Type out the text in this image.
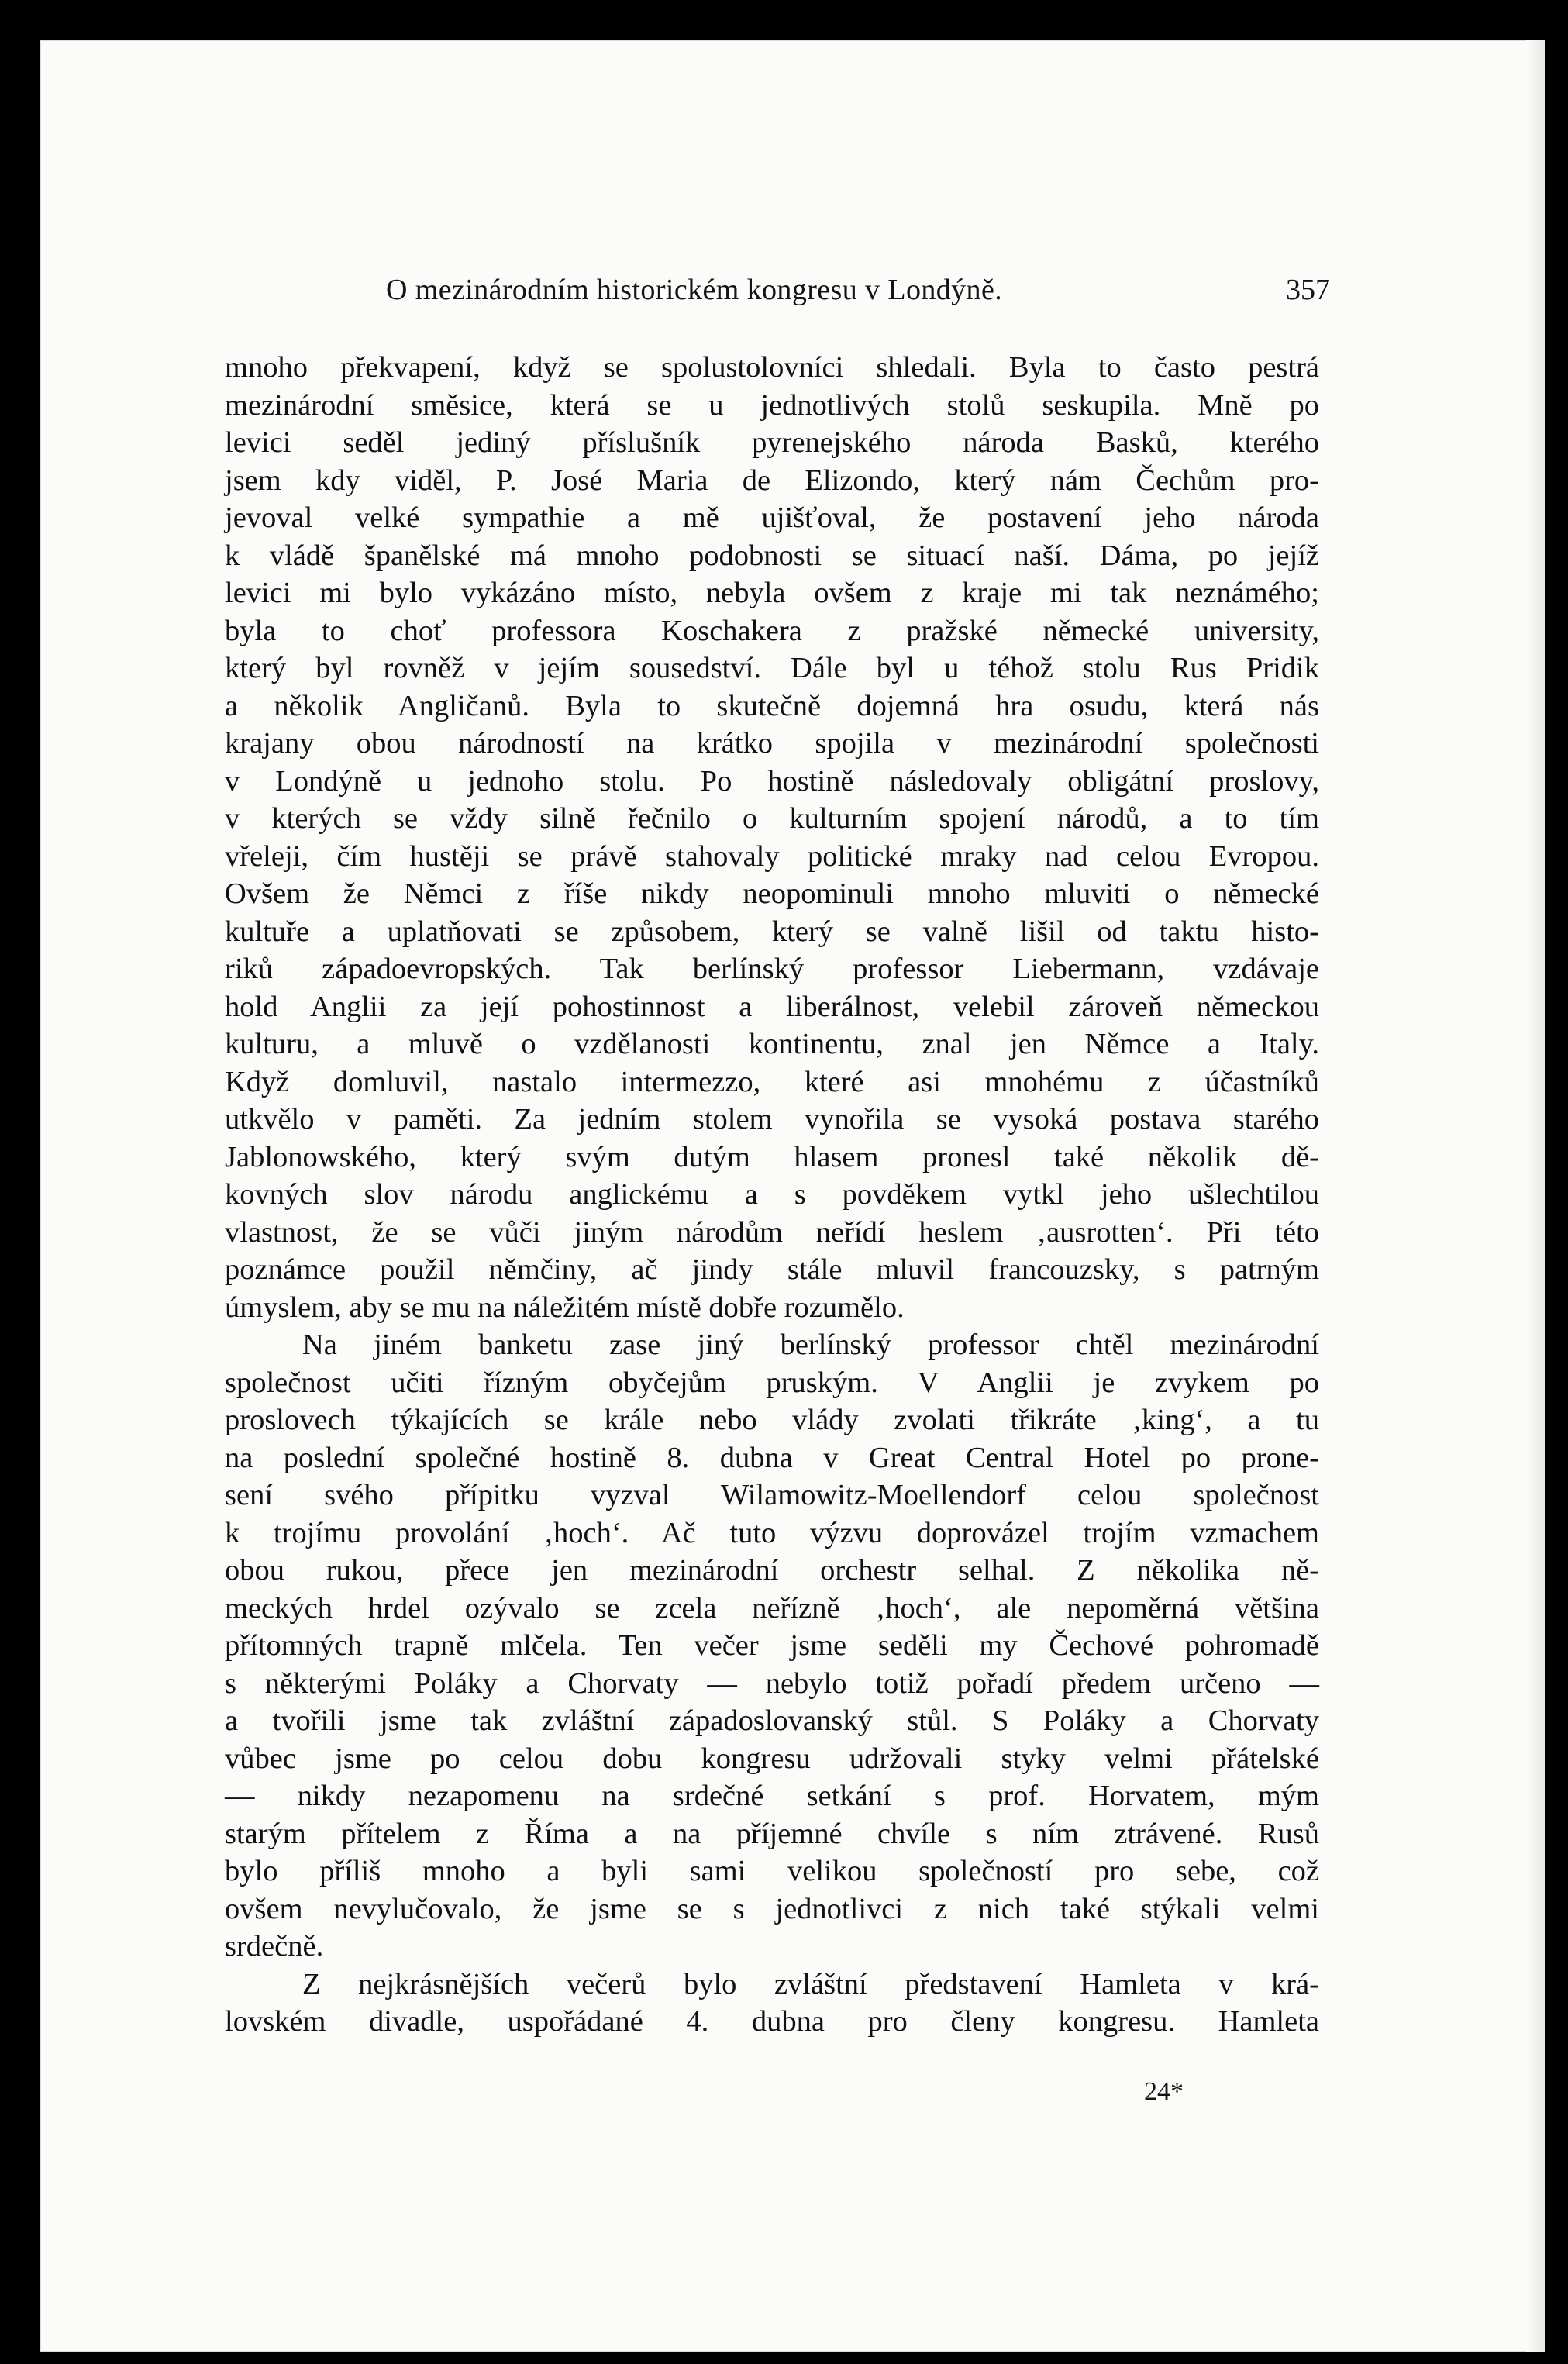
O mezinárodním historickém kongresu v Londýně.	357
mnoho překvapení, když se spolustolovníci shledali. Byla to často pestrá
mezinárodní směsice, která se u jednotlivých stolů seskupila. Mně po
levici seděl jediný příslušník pyrenejského národa Basků, kterého
jsem kdy viděl, P. José Maria de Elizondo, který nám Čechům pro-
jevoval velké sympathie a mě ujišťoval, že postavení jeho národa
k vládě španělské má mnoho podobnosti se situací naší. Dáma, po jejíž
levici mi bylo vykázáno místo, nebyla ovšem z kraje mi tak neznámého;
byla to choť professora Koschakera z pražské německé university,
který byl rovněž v jejím sousedství. Dále byl u téhož stolu Rus Pridik
a několik Angličanů. Byla to skutečně dojemná hra osudu, která nás
krajany obou národností na krátko spojila v mezinárodní společnosti
v Londýně u jednoho stolu. Po hostině následovaly obligátní proslovy,
v kterých se vždy silně řečnilo o kulturním spojení národů, a to tím
vřeleji, čím hustěji se právě stahovaly politické mraky nad celou Evropou.
Ovšem že Němci z říše nikdy neopominuli mnoho mluviti o německé
kultuře a uplatňovati se způsobem, který se valně lišil od taktu histo-
riků západoevropských. Tak berlínský professor Liebermann, vzdávaje
hold Anglii za její pohostinnost a liberálnost, velebil zároveň německou
kulturu, a mluvě o vzdělanosti kontinentu, znal jen Němce a Italy.
Když domluvil, nastalo intermezzo, které asi mnohému z účastníků
utkvělo v paměti. Za jedním stolem vynořila se vysoká postava starého
Jablonowského, který svým dutým hlasem pronesl také několik dě-
kovných slov národu anglickému a s povděkem vytkl jeho ušlechtilou
vlastnost, že se vůči jiným národům neřídí heslem ‚ausrotten‘. Při této
poznámce použil němčiny, ač jindy stále mluvil francouzsky, s patrným
úmyslem, aby se mu na náležitém místě dobře rozumělo.
Na jiném banketu zase jiný berlínský professor chtěl mezinárodní
společnost učiti řízným obyčejům pruským. V Anglii je zvykem po
proslovech týkajících se krále nebo vlády zvolati třikráte ‚king‘, a tu
na poslední společné hostině 8. dubna v Great Central Hotel po prone-
sení svého přípitku vyzval Wilamowitz-Moellendorf celou společnost
k trojímu provolání ‚hoch‘. Ač tuto výzvu doprovázel trojím vzmachem
obou rukou, přece jen mezinárodní orchestr selhal. Z několika ně-
meckých hrdel ozývalo se zcela neřízně ‚hoch‘, ale nepoměrná většina
přítomných trapně mlčela. Ten večer jsme seděli my Čechové pohromadě
s některými Poláky a Chorvaty — nebylo totiž pořadí předem určeno —
a tvořili jsme tak zvláštní západoslovanský stůl. S Poláky a Chorvaty
vůbec jsme po celou dobu kongresu udržovali styky velmi přátelské
— nikdy nezapomenu na srdečné setkání s prof. Horvatem, mým
starým přítelem z Říma a na příjemné chvíle s ním ztrávené. Rusů
bylo příliš mnoho a byli sami velikou společností pro sebe, což
ovšem nevylučovalo, že jsme se s jednotlivci z nich také stýkali velmi
srdečně.
Z nejkrásnějších večerů bylo zvláštní představení Hamleta v krá-
lovském divadle, uspořádané 4. dubna pro členy kongresu. Hamleta
24*
